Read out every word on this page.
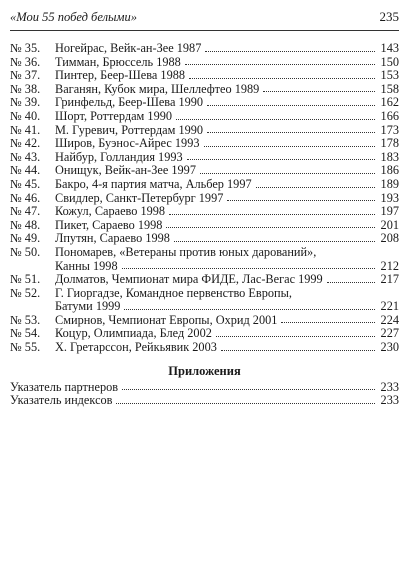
«Мои 55 побед белыми»	235
№ 35.	Ногейрас, Вейк-ан-Зее 1987	143
№ 36.	Тимман, Брюссель 1988	150
№ 37.	Пинтер, Беер-Шева 1988	153
№ 38.	Ваганян, Кубок мира, Шеллефтео 1989	158
№ 39.	Гринфельд, Беер-Шева 1990	162
№ 40.	Шорт, Роттердам 1990	166
№ 41.	М. Гуревич, Роттердам 1990	173
№ 42.	Широв, Буэнос-Айрес 1993	178
№ 43.	Найбур, Голландия 1993	183
№ 44.	Онищук, Вейк-ан-Зее 1997	186
№ 45.	Бакро, 4-я партия матча, Альбер 1997	189
№ 46.	Свидлер, Санкт-Петербург 1997	193
№ 47.	Кожул, Сараево 1998	197
№ 48.	Пикет, Сараево 1998	201
№ 49.	Лпутян, Сараево 1998	208
№ 50.	Пономарев, «Ветераны против юных дарований»,
Канны 1998	212
№ 51.	Долматов, Чемпионат мира ФИДЕ, Лас-Вегас 1999	217
№ 52.	Г. Гиоргадзе, Командное первенство Европы,
Батуми 1999	221
№ 53.	Смирнов, Чемпионат Европы, Охрид 2001	224
№ 54.	Коцур, Олимпиада, Блед 2002	227
№ 55.	Х. Гретарссон, Рейкьявик 2003	230
Приложения
Указатель партнеров	233
Указатель индексов	233
